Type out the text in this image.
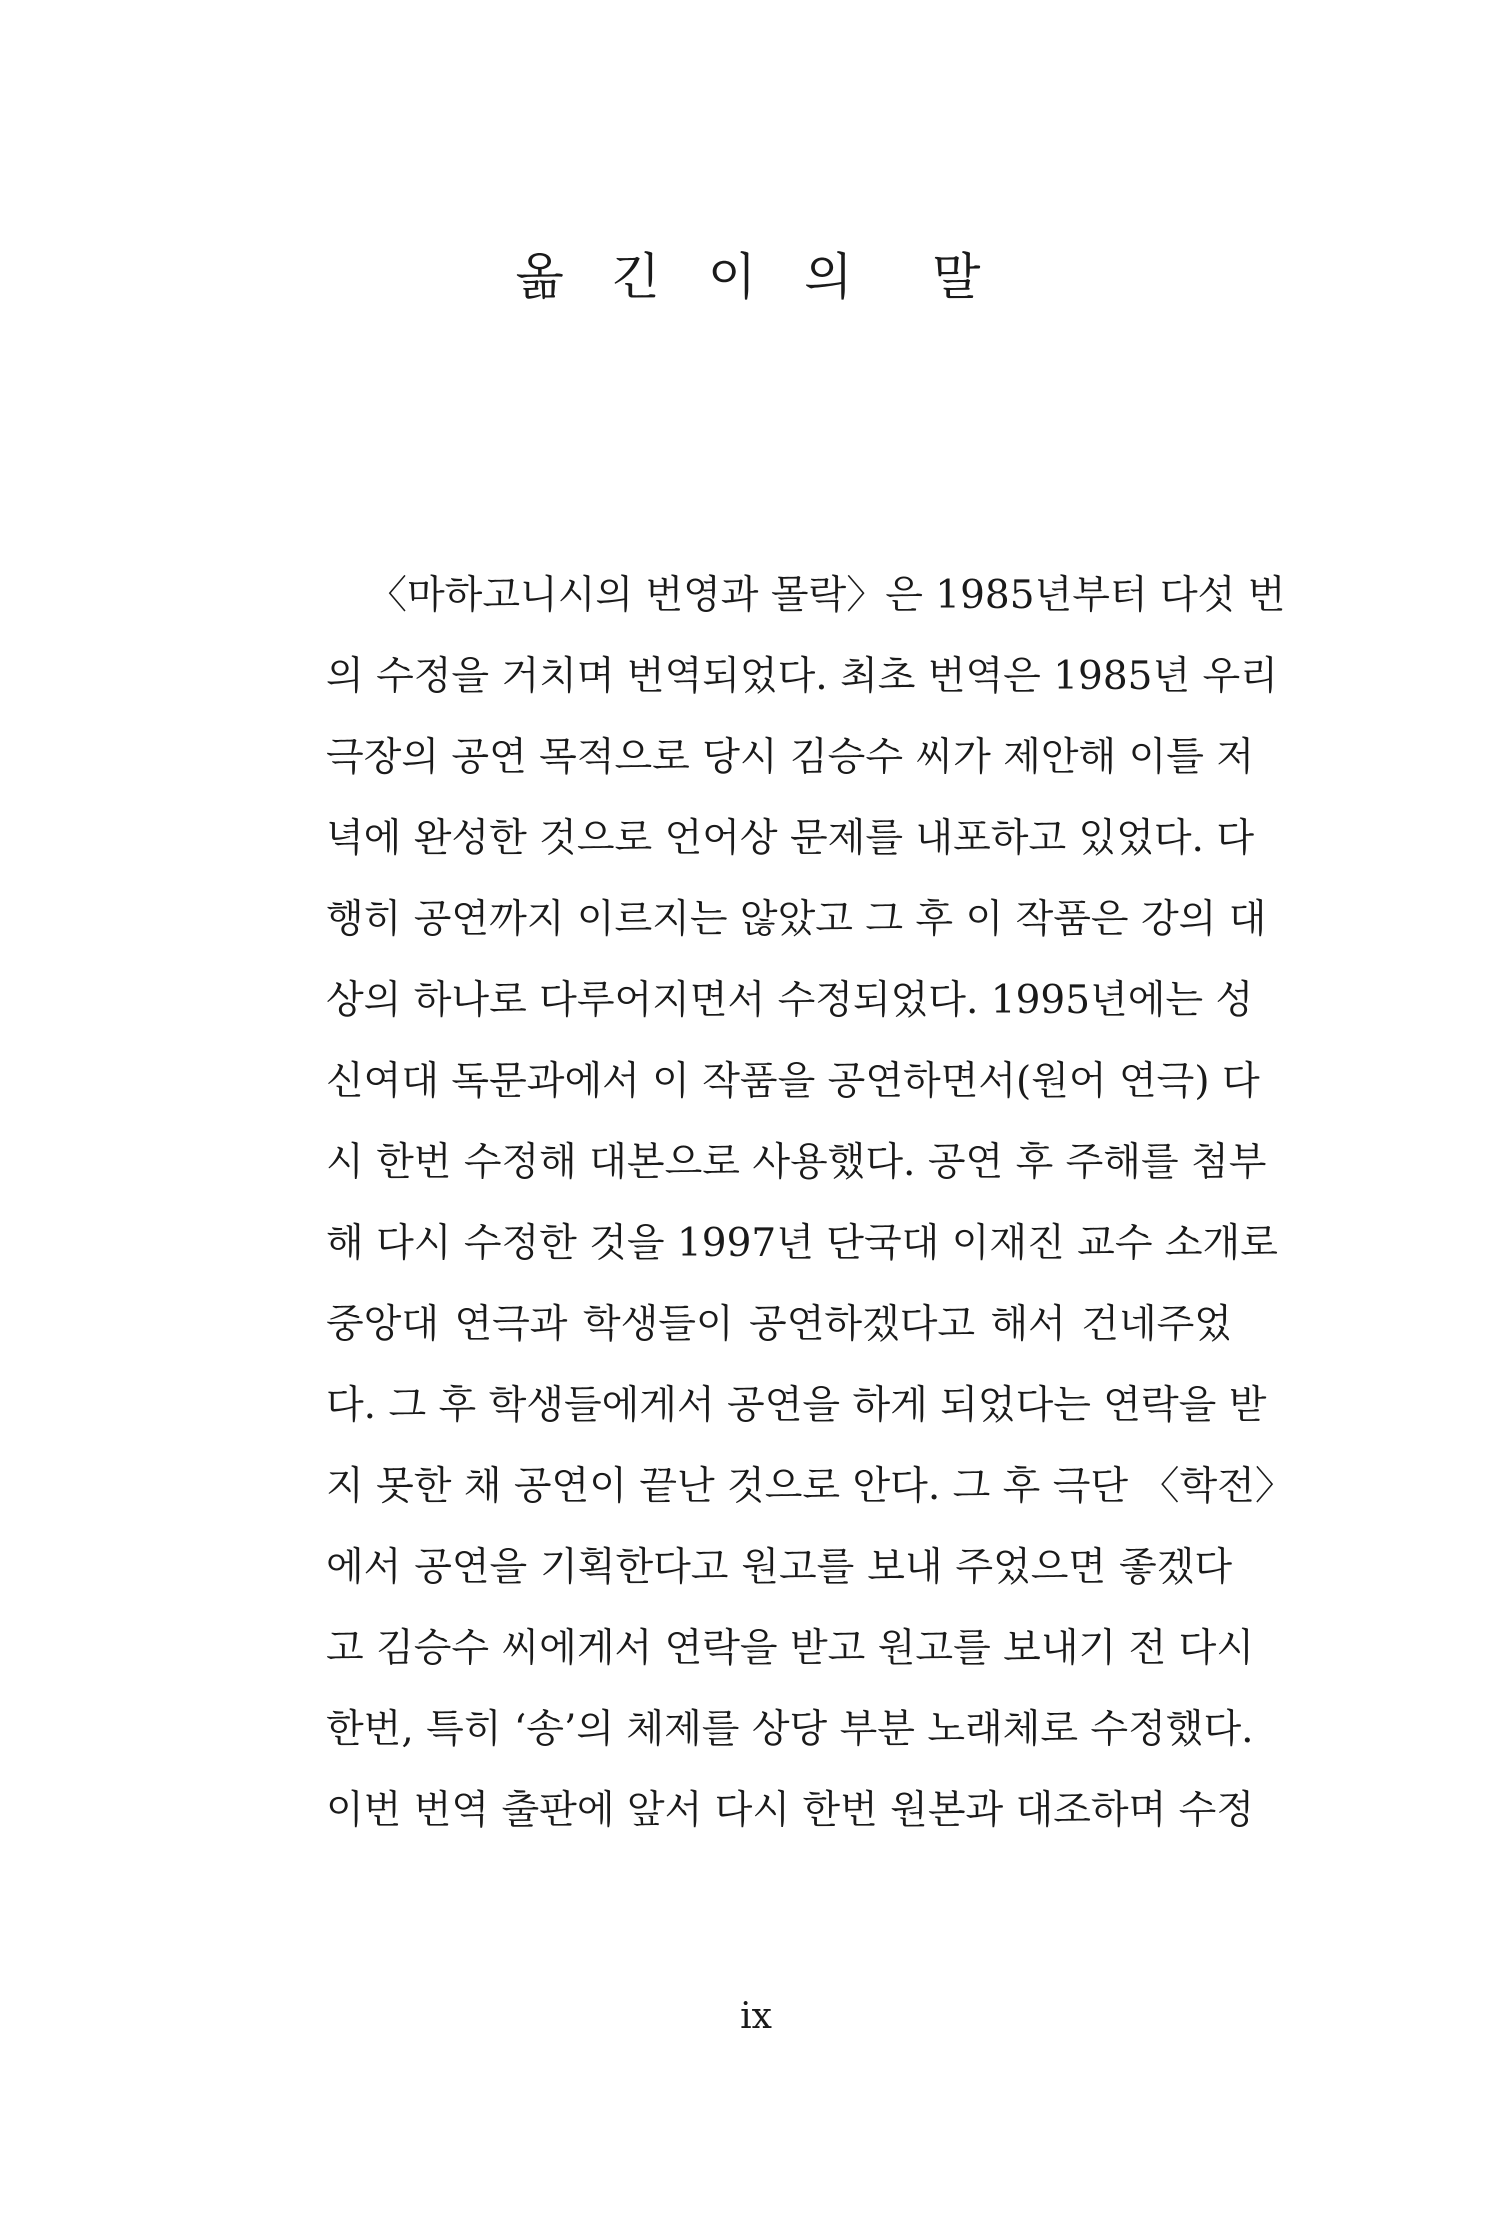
옮 긴 이 의  말
〈마하고니시의 번영과 몰락〉은 1985년부터 다섯 번
의 수정을 거치며 번역되었다. 최초 번역은 1985년 우리
극장의 공연 목적으로 당시 김승수 씨가 제안해 이틀 저
녁에 완성한 것으로 언어상 문제를 내포하고 있었다. 다
행히 공연까지 이르지는 않았고 그 후 이 작품은 강의 대
상의 하나로 다루어지면서 수정되었다. 1995년에는 성
신여대 독문과에서 이 작품을 공연하면서(원어 연극) 다
시 한번 수정해 대본으로 사용했다. 공연 후 주해를 첨부
해 다시 수정한 것을 1997년 단국대 이재진 교수 소개로
중앙대 연극과 학생들이 공연하겠다고 해서 건네주었
다. 그 후 학생들에게서 공연을 하게 되었다는 연락을 받
지 못한 채 공연이 끝난 것으로 안다. 그 후 극단 〈학전〉
에서 공연을 기획한다고 원고를 보내 주었으면 좋겠다
고 김승수 씨에게서 연락을 받고 원고를 보내기 전 다시
한번, 특히 ‘송’의 체제를 상당 부분 노래체로 수정했다.
이번 번역 출판에 앞서 다시 한번 원본과 대조하며 수정
ix
